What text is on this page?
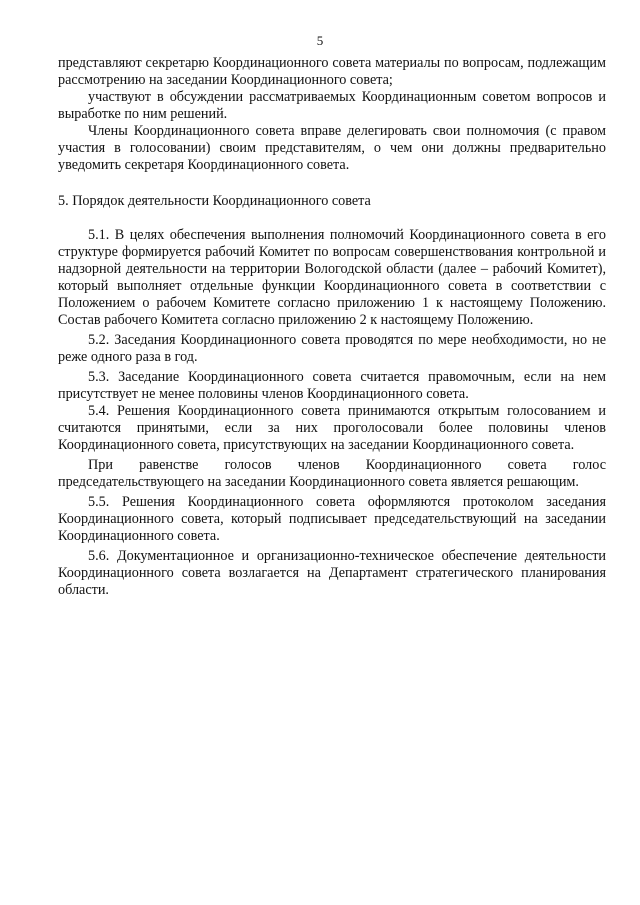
5

представляют секретарю Координационного совета материалы по вопросам, подлежащим рассмотрению на заседании Координационного совета;

участвуют в обсуждении рассматриваемых Координационным советом вопросов и выработке по ним решений.

Члены Координационного совета вправе делегировать свои полномочия (с правом участия в голосовании) своим представителям, о чем они должны предварительно уведомить секретаря Координационного совета.

5. Порядок деятельности Координационного совета

5.1. В целях обеспечения выполнения полномочий Координационного совета в его структуре формируется рабочий Комитет по вопросам совершенствования контрольной и надзорной деятельности на территории Вологодской области (далее – рабочий Комитет), который выполняет отдельные функции Координационного совета в соответствии с Положением о рабочем Комитете согласно приложению 1 к настоящему Положению. Состав рабочего Комитета согласно приложению 2 к настоящему Положению.

5.2. Заседания Координационного совета проводятся по мере необходимости, но не реже одного раза в год.

5.3. Заседание Координационного совета считается правомочным, если на нем присутствует не менее половины членов Координационного совета.

5.4. Решения Координационного совета принимаются открытым голосованием и считаются принятыми, если за них проголосовали более половины членов Координационного совета, присутствующих на заседании Координационного совета.

При равенстве голосов членов Координационного совета голос председательствующего на заседании Координационного совета является решающим.

5.5. Решения Координационного совета оформляются протоколом заседания Координационного совета, который подписывает председательствующий на заседании Координационного совета.

5.6. Документационное и организационно-техническое обеспечение деятельности Координационного совета возлагается на Департамент стратегического планирования области.
